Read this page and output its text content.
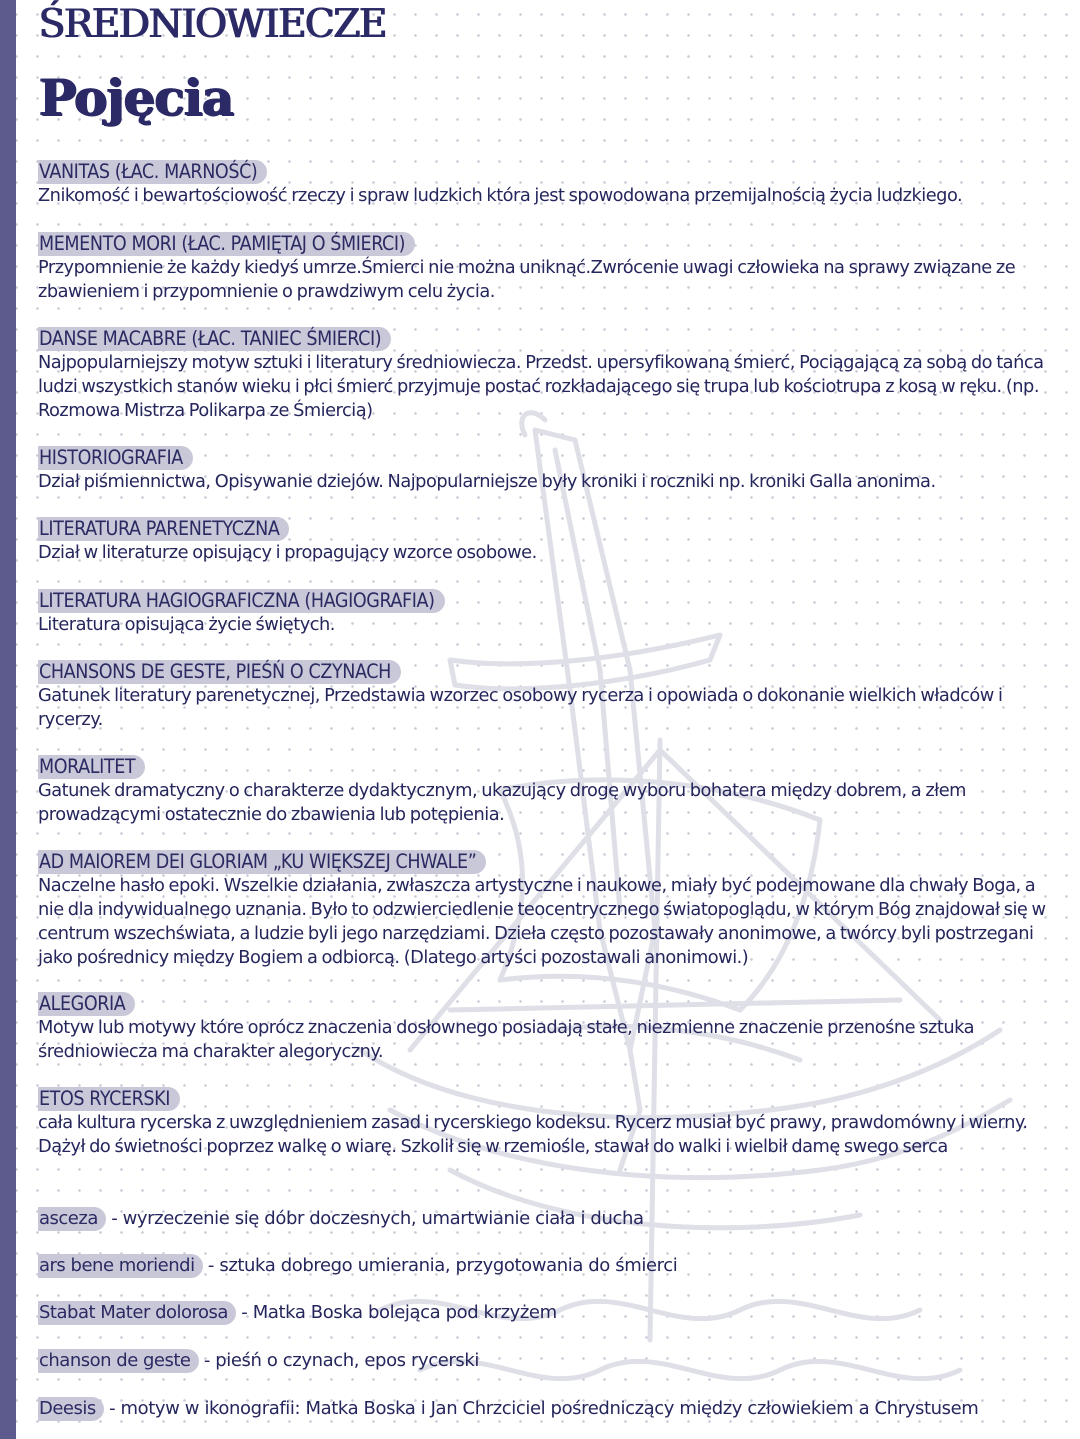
ŚREDNIOWIECZE
Pojęcia

VANITAS (ŁAC. MARNOŚĆ)

Znikomość i bewartościowość rzeczy i spraw ludzkich która jest spowodowana przemijalnością życia ludzkiego.

MEMENTO MORI (ŁAC. PAMIĘTAJ O ŚMIERCI)

Przypomnienie że każdy kiedyś umrze.Śmierci nie można uniknąć.Zwrócenie uwagi człowieka na sprawy związane ze zbawieniem i przypomnienie o prawdziwym celu życia.

DANSE MACABRE (ŁAC. TANIEC ŚMIERCI)

Najpopularniejszy motyw sztuki i literatury średniowiecza. Przedst. upersyfikowaną śmierć, Pociągającą za sobą do tańca ludzi wszystkich stanów wieku i płci śmierć przyjmuje postać rozkładającego się trupa lub kościotrupa z kosą w ręku. (np. Rozmowa Mistrza Polikarpa ze Śmiercią)

HISTORIOGRAFIA

Dział piśmiennictwa, Opisywanie dziejów. Najpopularniejsze były kroniki i roczniki np. kroniki Galla anonima.

LITERATURA PARENETYCZNA

Dział w literaturze opisujący i propagujący wzorce osobowe.

LITERATURA HAGIOGRAFICZNA (HAGIOGRAFIA)

Literatura opisująca życie świętych.

CHANSONS DE GESTE, PIEŚŃ O CZYNACH

Gatunek literatury parenetycznej, Przedstawia wzorzec osobowy rycerza i opowiada o dokonanie wielkich władców i rycerzy.

MORALITET

Gatunek dramatyczny o charakterze dydaktycznym, ukazujący drogę wyboru bohatera między dobrem, a złem prowadzącymi ostatecznie do zbawienia lub potępienia.

AD MAIOREM DEI GLORIAM „KU WIĘKSZEJ CHWALE”

Naczelne hasło epoki. Wszelkie działania, zwłaszcza artystyczne i naukowe, miały być podejmowane dla chwały Boga, a nie dla indywidualnego uznania. Było to odzwierciedlenie teocentrycznego światopoglądu, w którym Bóg znajdował się w centrum wszechświata, a ludzie byli jego narzędziami. Dzieła często pozostawały anonimowe, a twórcy byli postrzegani jako pośrednicy między Bogiem a odbiorcą. (Dlatego artyści pozostawali anonimowi.)

ALEGORIA

Motyw lub motywy które oprócz znaczenia dosłownego posiadają stałe, niezmienne znaczenie przenośne sztuka średniowiecza ma charakter alegoryczny.

ETOS RYCERSKI

cała kultura rycerska z uwzględnieniem zasad i rycerskiego kodeksu. Rycerz musiał być prawy, prawdomówny i wierny. Dążył do świetności poprzez walkę o wiarę. Szkolił się w rzemiośle, stawał do walki i wielbił damę swego serca

asceza - wyrzeczenie się dóbr doczesnych, umartwianie ciała i ducha
ars bene moriendi - sztuka dobrego umierania, przygotowania do śmierci
Stabat Mater dolorosa - Matka Boska bolejąca pod krzyżem
chanson de geste - pieśń o czynach, epos rycerski
Deesis - motyw w ikonografii: Matka Boska i Jan Chrzciciel pośredniczący między człowiekiem a Chrystusem
